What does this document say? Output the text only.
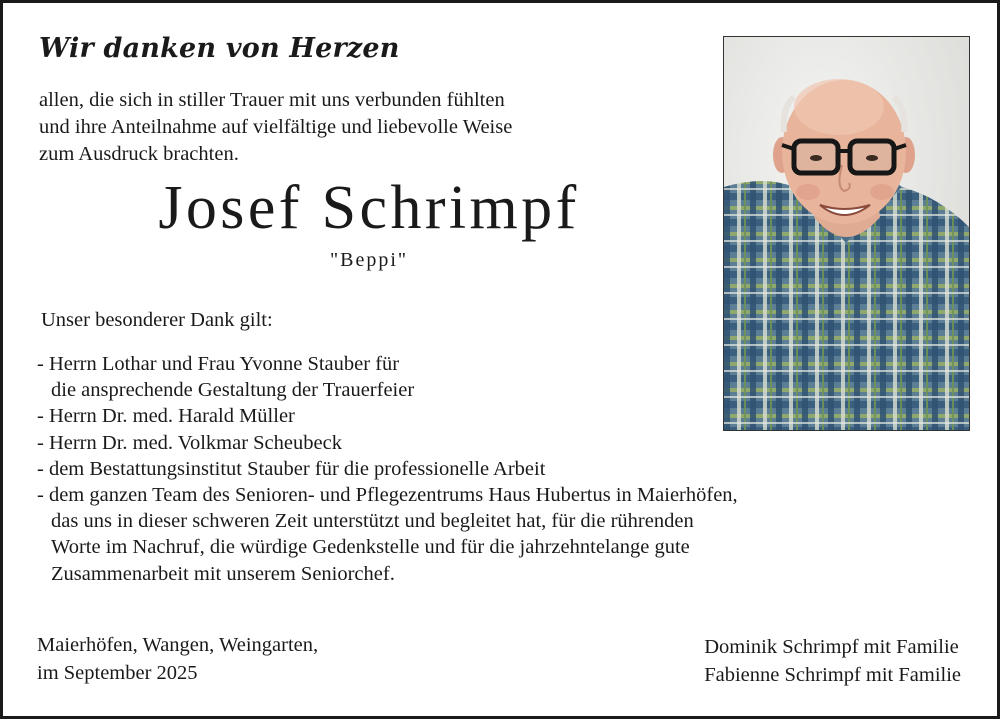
Wir danken von Herzen
allen, die sich in stiller Trauer mit uns verbunden fühlten
und ihre Anteilnahme auf vielfältige und liebevolle Weise
zum Ausdruck brachten.
Josef Schrimpf
"Beppi"
Unser besonderer Dank gilt:
- Herrn Lothar und Frau Yvonne Stauber für
die ansprechende Gestaltung der Trauerfeier
- Herrn Dr. med. Harald Müller
- Herrn Dr. med. Volkmar Scheubeck
- dem Bestattungsinstitut Stauber für die professionelle Arbeit
- dem ganzen Team des Senioren- und Pflegezentrums Haus Hubertus in Maierhöfen,
das uns in dieser schweren Zeit unterstützt und begleitet hat, für die rührenden
Worte im Nachruf, die würdige Gedenkstelle und für die jahrzehntelange gute
Zusammenarbeit mit unserem Seniorchef.
Maierhöfen, Wangen, Weingarten,
im September 2025
Dominik Schrimpf mit Familie
Fabienne Schrimpf mit Familie
